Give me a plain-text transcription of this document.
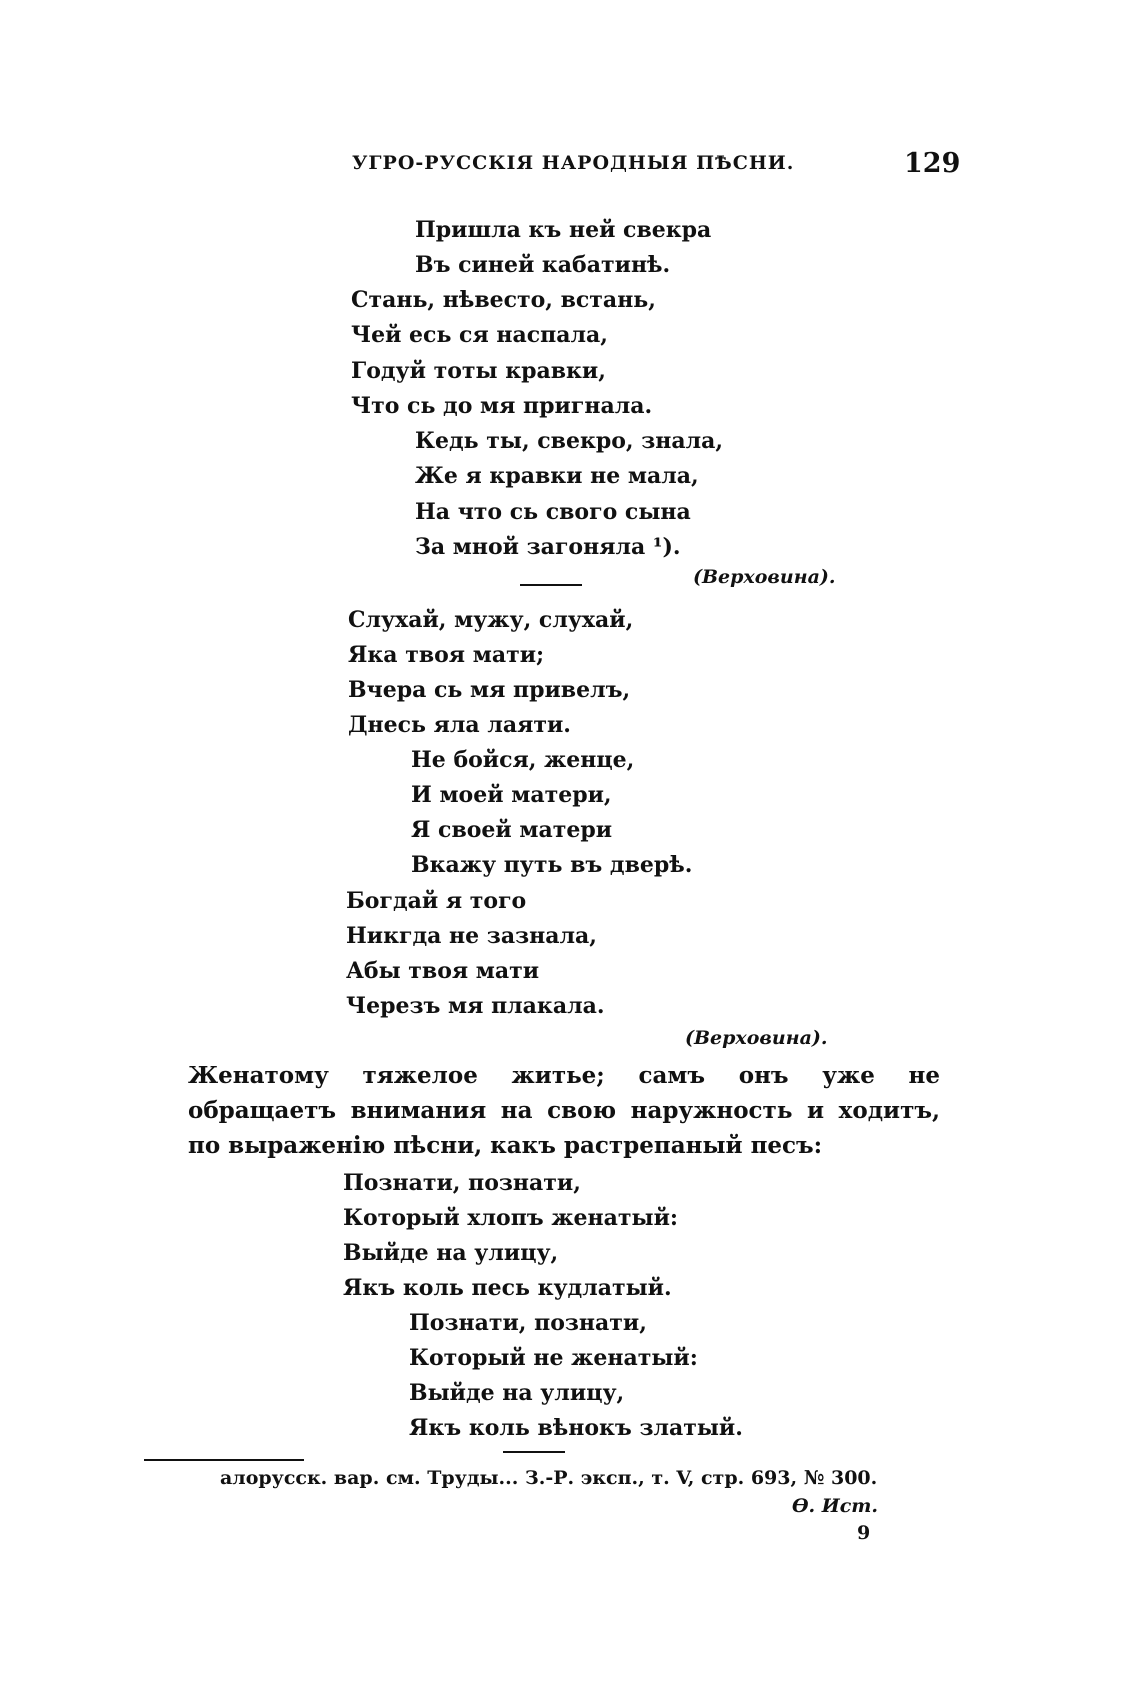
УГРО-РУССКІЯ НАРОДНЫЯ ПѢСНИ.	129
Пришла къ ней свекра
Въ синей кабатинѣ.
Стань, нѣвесто, встань,
Чей есь ся наспала,
Годуй тоты кравки,
Что сь до мя пригнала.
Кедь ты, свекро, знала,
Же я кравки не мала,
На что сь свого сына
За мной загоняла ¹).
(Верховина).
Слухай, мужу, слухай,
Яка твоя мати;
Вчера сь мя привелъ,
Днесь яла лаяти.
Не бойся, женце,
И моей матери,
Я своей матери
Вкажу путь въ дверѣ.
Богдай я того
Никгда не зазнала,
Абы твоя мати
Черезъ мя плакала.
(Верховина).
Женатому тяжелое житье; самъ онъ уже не обращаетъ внимания на свою наружность и ходитъ, по выраженію пѣсни, какъ растрепаный песъ:
Познати, познати,
Который хлопъ женатый:
Выйде на улицу,
Якъ коль песь кудлатый.
Познати, познати,
Который не женатый:
Выйде на улицу,
Якъ коль вѣнокъ златый.
алорусск. вар. см. Труды... З.-Р. эксп., т. V, стр. 693, № 300.
Ѳ. Ист.
9
